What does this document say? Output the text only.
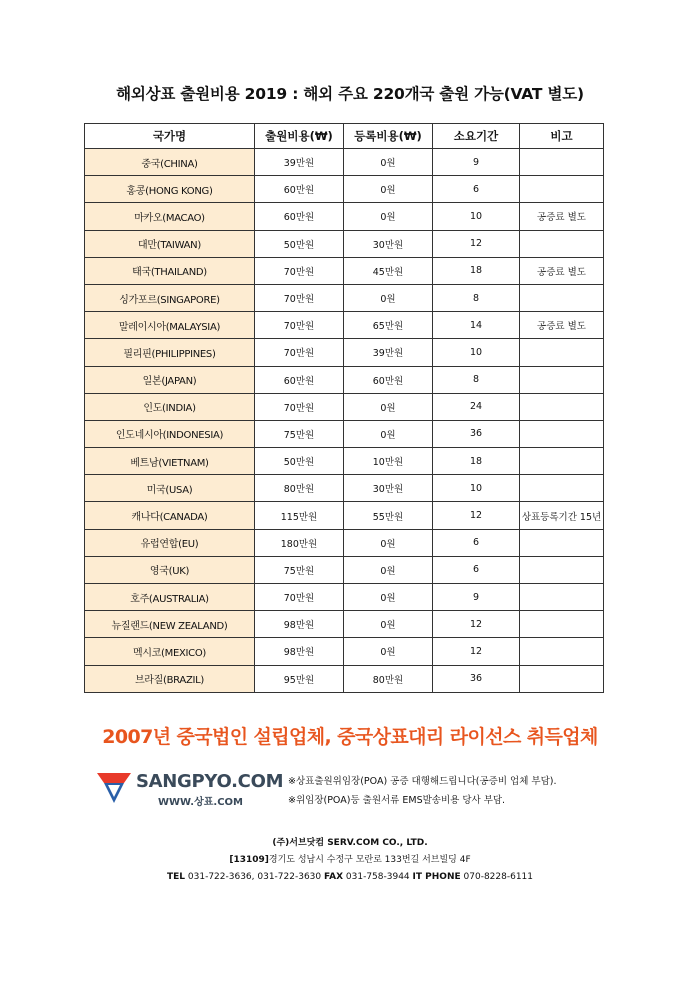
해외상표 출원비용 2019 : 해외 주요 220개국 출원 가능(VAT 별도)
국가명	출원비용(₩)	등록비용(₩)	소요기간	비고
중국(CHINA)	39만원	0원	9	
홍콩(HONG KONG)	60만원	0원	6	
마카오(MACAO)	60만원	0원	10	공증료 별도
대만(TAIWAN)	50만원	30만원	12	
태국(THAILAND)	70만원	45만원	18	공증료 별도
싱가포르(SINGAPORE)	70만원	0원	8	
말레이시아(MALAYSIA)	70만원	65만원	14	공증료 별도
필리핀(PHILIPPINES)	70만원	39만원	10	
일본(JAPAN)	60만원	60만원	8	
인도(INDIA)	70만원	0원	24	
인도네시아(INDONESIA)	75만원	0원	36	
베트남(VIETNAM)	50만원	10만원	18	
미국(USA)	80만원	30만원	10	
캐나다(CANADA)	115만원	55만원	12	상표등록기간 15년
유럽연합(EU)	180만원	0원	6	
영국(UK)	75만원	0원	6	
호주(AUSTRALIA)	70만원	0원	9	
뉴질랜드(NEW ZEALAND)	98만원	0원	12	
멕시코(MEXICO)	98만원	0원	12	
브라질(BRAZIL)	95만원	80만원	36	
2007년 중국법인 설립업체, 중국상표대리 라이선스 취득업체
SANGPYO.COM
WWW.상표.COM
※상표출원위임장(POA) 공증 대행해드립니다(공증비 업체 부담).
※위임장(POA)등 출원서류 EMS발송비용 당사 부담.
(주)서브닷컴 SERV.COM CO., LTD.
[13109]경기도 성남시 수정구 모란로 133번길 서브빌딩 4F
TEL 031-722-3636, 031-722-3630 FAX 031-758-3944 IT PHONE 070-8228-6111
